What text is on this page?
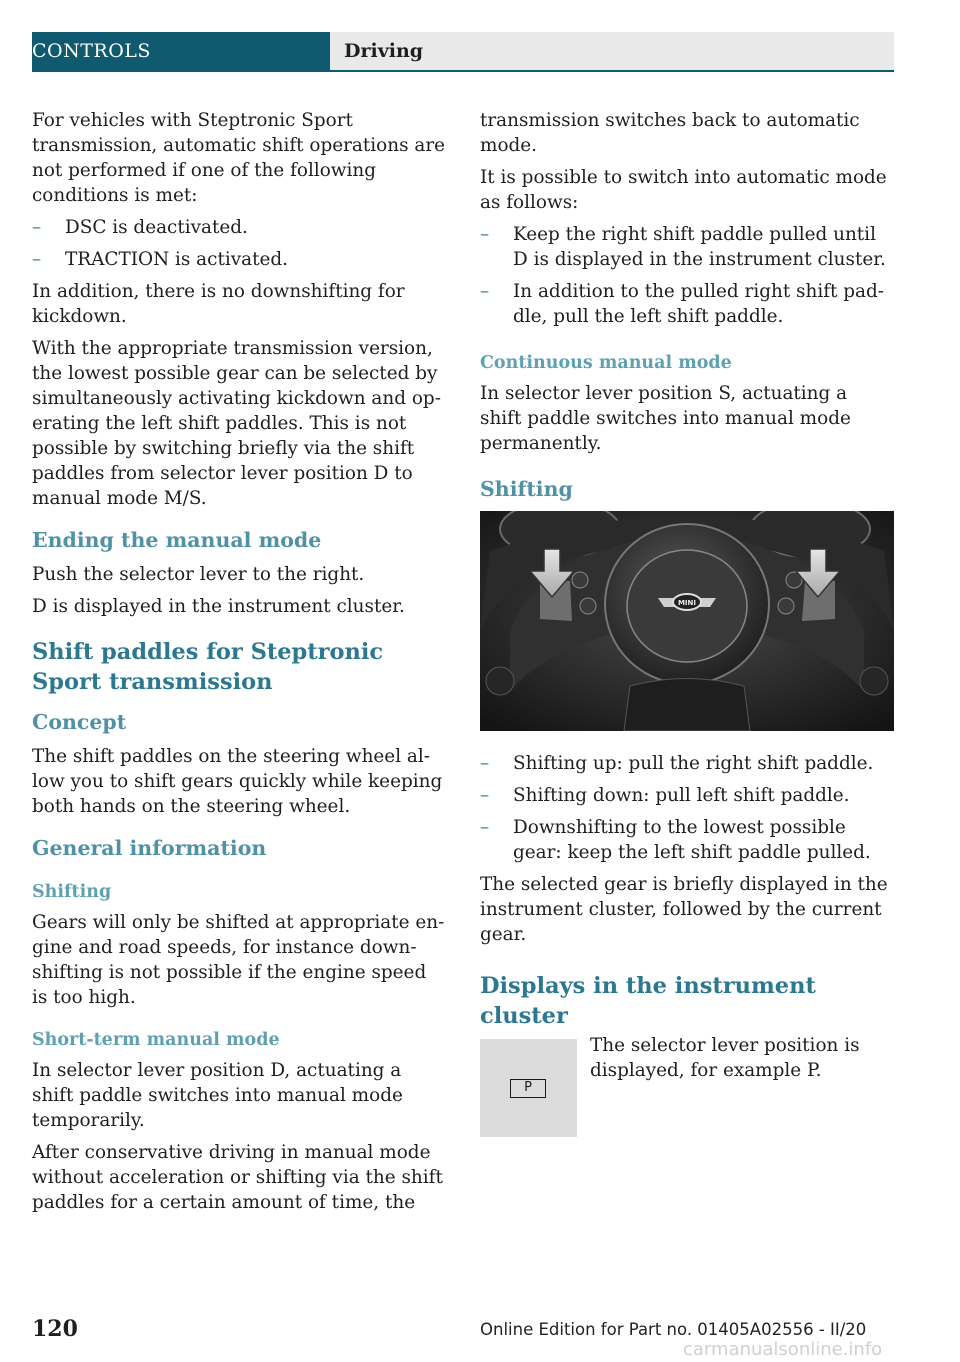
CONTROLS	Driving

For vehicles with Steptronic Sport transmission, automatic shift operations are not performed if one of the following conditions is met:

– DSC is deactivated.
– TRACTION is activated.

In addition, there is no downshifting for kickdown.

With the appropriate transmission version, the lowest possible gear can be selected by simultaneously activating kickdown and operating the left shift paddles. This is not possible by switching briefly via the shift paddles from selector lever position D to manual mode M/S.

Ending the manual mode

Push the selector lever to the right.

D is displayed in the instrument cluster.

Shift paddles for Steptronic Sport transmission
Concept

The shift paddles on the steering wheel allow you to shift gears quickly while keeping both hands on the steering wheel.

General information
Shifting

Gears will only be shifted at appropriate engine and road speeds, for instance downshifting is not possible if the engine speed is too high.

Short-term manual mode

In selector lever position D, actuating a shift paddle switches into manual mode temporarily.

After conservative driving in manual mode without acceleration or shifting via the shift paddles for a certain amount of time, the

transmission switches back to automatic mode.

It is possible to switch into automatic mode as follows:

– Keep the right shift paddle pulled until D is displayed in the instrument cluster.
– In addition to the pulled right shift paddle, pull the left shift paddle.
Continuous manual mode

In selector lever position S, actuating a shift paddle switches into manual mode permanently.

Shifting
MINI
– Shifting up: pull the right shift paddle.
– Shifting down: pull left shift paddle.
– Downshifting to the lowest possible gear: keep the left shift paddle pulled.

The selected gear is briefly displayed in the instrument cluster, followed by the current gear.

Displays in the instrument cluster
P

The selector lever position is displayed, for example P.

120	Online Edition for Part no. 01405A02556 - II/20
carmanualsonline.info
